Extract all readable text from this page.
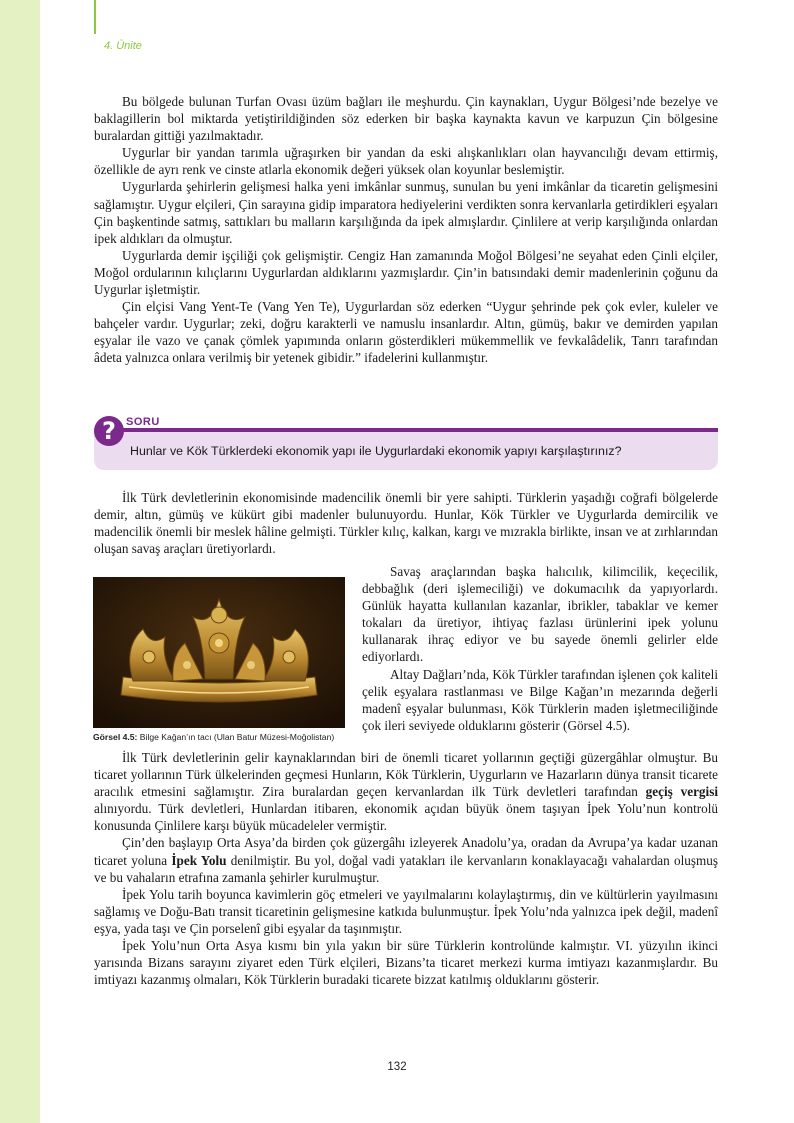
4. Ünite

Bu bölgede bulunan Turfan Ovası üzüm bağları ile meşhurdu. Çin kaynakları, Uygur Bölgesi’nde bezelye ve baklagillerin bol miktarda yetiştirildiğinden söz ederken bir başka kaynakta kavun ve karpuzun Çin bölgesine buralardan gittiği yazılmaktadır.

Uygurlar bir yandan tarımla uğraşırken bir yandan da eski alışkanlıkları olan hayvancılığı devam ettirmiş, özellikle de ayrı renk ve cinste atlarla ekonomik değeri yüksek olan koyunlar beslemiştir.

Uygurlarda şehirlerin gelişmesi halka yeni imkânlar sunmuş, sunulan bu yeni imkânlar da ticaretin gelişmesini sağlamıştır. Uygur elçileri, Çin sarayına gidip imparatora hediyelerini verdikten sonra kervanlarla getirdikleri eşyaları Çin başkentinde satmış, sattıkları bu malların karşılığında da ipek almışlardır. Çinlilere at verip karşılığında onlardan ipek aldıkları da olmuştur.

Uygurlarda demir işçiliği çok gelişmiştir. Cengiz Han zamanında Moğol Bölgesi’ne seyahat eden Çinli elçiler, Moğol ordularının kılıçlarını Uygurlardan aldıklarını yazmışlardır. Çin’in batısındaki demir madenlerinin çoğunu da Uygurlar işletmiştir.

Çin elçisi Vang Yent-Te (Vang Yen Te), Uygurlardan söz ederken “Uygur şehrinde pek çok evler, kuleler ve bahçeler vardır. Uygurlar; zeki, doğru karakterli ve namuslu insanlardır. Altın, gümüş, bakır ve demirden yapılan eşyalar ile vazo ve çanak çömlek yapımında onların gösterdikleri mükemmellik ve fevkalâdelik, Tanrı tarafından âdeta yalnızca onlara verilmiş bir yetenek gibidir.” ifadelerini kullanmıştır.

? SORU
Hunlar ve Kök Türklerdeki ekonomik yapı ile Uygurlardaki ekonomik yapıyı karşılaştırınız?

İlk Türk devletlerinin ekonomisinde madencilik önemli bir yere sahipti. Türklerin yaşadığı coğrafi bölgelerde demir, altın, gümüş ve kükürt gibi madenler bulunuyordu. Hunlar, Kök Türkler ve Uygurlarda demircilik ve madencilik önemli bir meslek hâline gelmişti. Türkler kılıç, kalkan, kargı ve mızrakla birlikte, insan ve at zırhlarından oluşan savaş araçları üretiyorlardı.

Görsel 4.5: Bilge Kağan’ın tacı (Ulan Batur Müzesi-Moğolistan)

Savaş araçlarından başka halıcılık, kilimcilik, keçecilik, debbağlık (deri işlemeciliği) ve dokumacılık da yapıyorlardı. Günlük hayatta kullanılan kazanlar, ibrikler, tabaklar ve kemer tokaları da üretiyor, ihtiyaç fazlası ürünlerini ipek yolunu kullanarak ihraç ediyor ve bu sayede önemli gelirler elde ediyorlardı.

Altay Dağları’nda, Kök Türkler tarafından işlenen çok kaliteli çelik eşyalara rastlanması ve Bilge Kağan’ın mezarında değerli madenî eşyalar bulunması, Kök Türklerin maden işletmeciliğinde çok ileri seviyede olduklarını gösterir (Görsel 4.5).

İlk Türk devletlerinin gelir kaynaklarından biri de önemli ticaret yollarının geçtiği güzergâhlar olmuştur. Bu ticaret yollarının Türk ülkelerinden geçmesi Hunların, Kök Türklerin, Uygurların ve Hazarların dünya transit ticarete aracılık etmesini sağlamıştır. Zira buralardan geçen kervanlardan ilk Türk devletleri tarafından geçiş vergisi alınıyordu. Türk devletleri, Hunlardan itibaren, ekonomik açıdan büyük önem taşıyan İpek Yolu’nun kontrolü konusunda Çinlilere karşı büyük mücadeleler vermiştir.

Çin’den başlayıp Orta Asya’da birden çok güzergâhı izleyerek Anadolu’ya, oradan da Avrupa’ya kadar uzanan ticaret yoluna İpek Yolu denilmiştir. Bu yol, doğal vadi yatakları ile kervanların konaklayacağı vahalardan oluşmuş ve bu vahaların etrafına zamanla şehirler kurulmuştur.

İpek Yolu tarih boyunca kavimlerin göç etmeleri ve yayılmalarını kolaylaştırmış, din ve kültürlerin yayılmasını sağlamış ve Doğu-Batı transit ticaretinin gelişmesine katkıda bulunmuştur. İpek Yolu’nda yalnızca ipek değil, madenî eşya, yada taşı ve Çin porselenî gibi eşyalar da taşınmıştır.

İpek Yolu’nun Orta Asya kısmı bin yıla yakın bir süre Türklerin kontrolünde kalmıştır. VI. yüzyılın ikinci yarısında Bizans sarayını ziyaret eden Türk elçileri, Bizans’ta ticaret merkezi kurma imtiyazı kazanmışlardır. Bu imtiyazı kazanmış olmaları, Kök Türklerin buradaki ticarete bizzat katılmış olduklarını gösterir.

132
